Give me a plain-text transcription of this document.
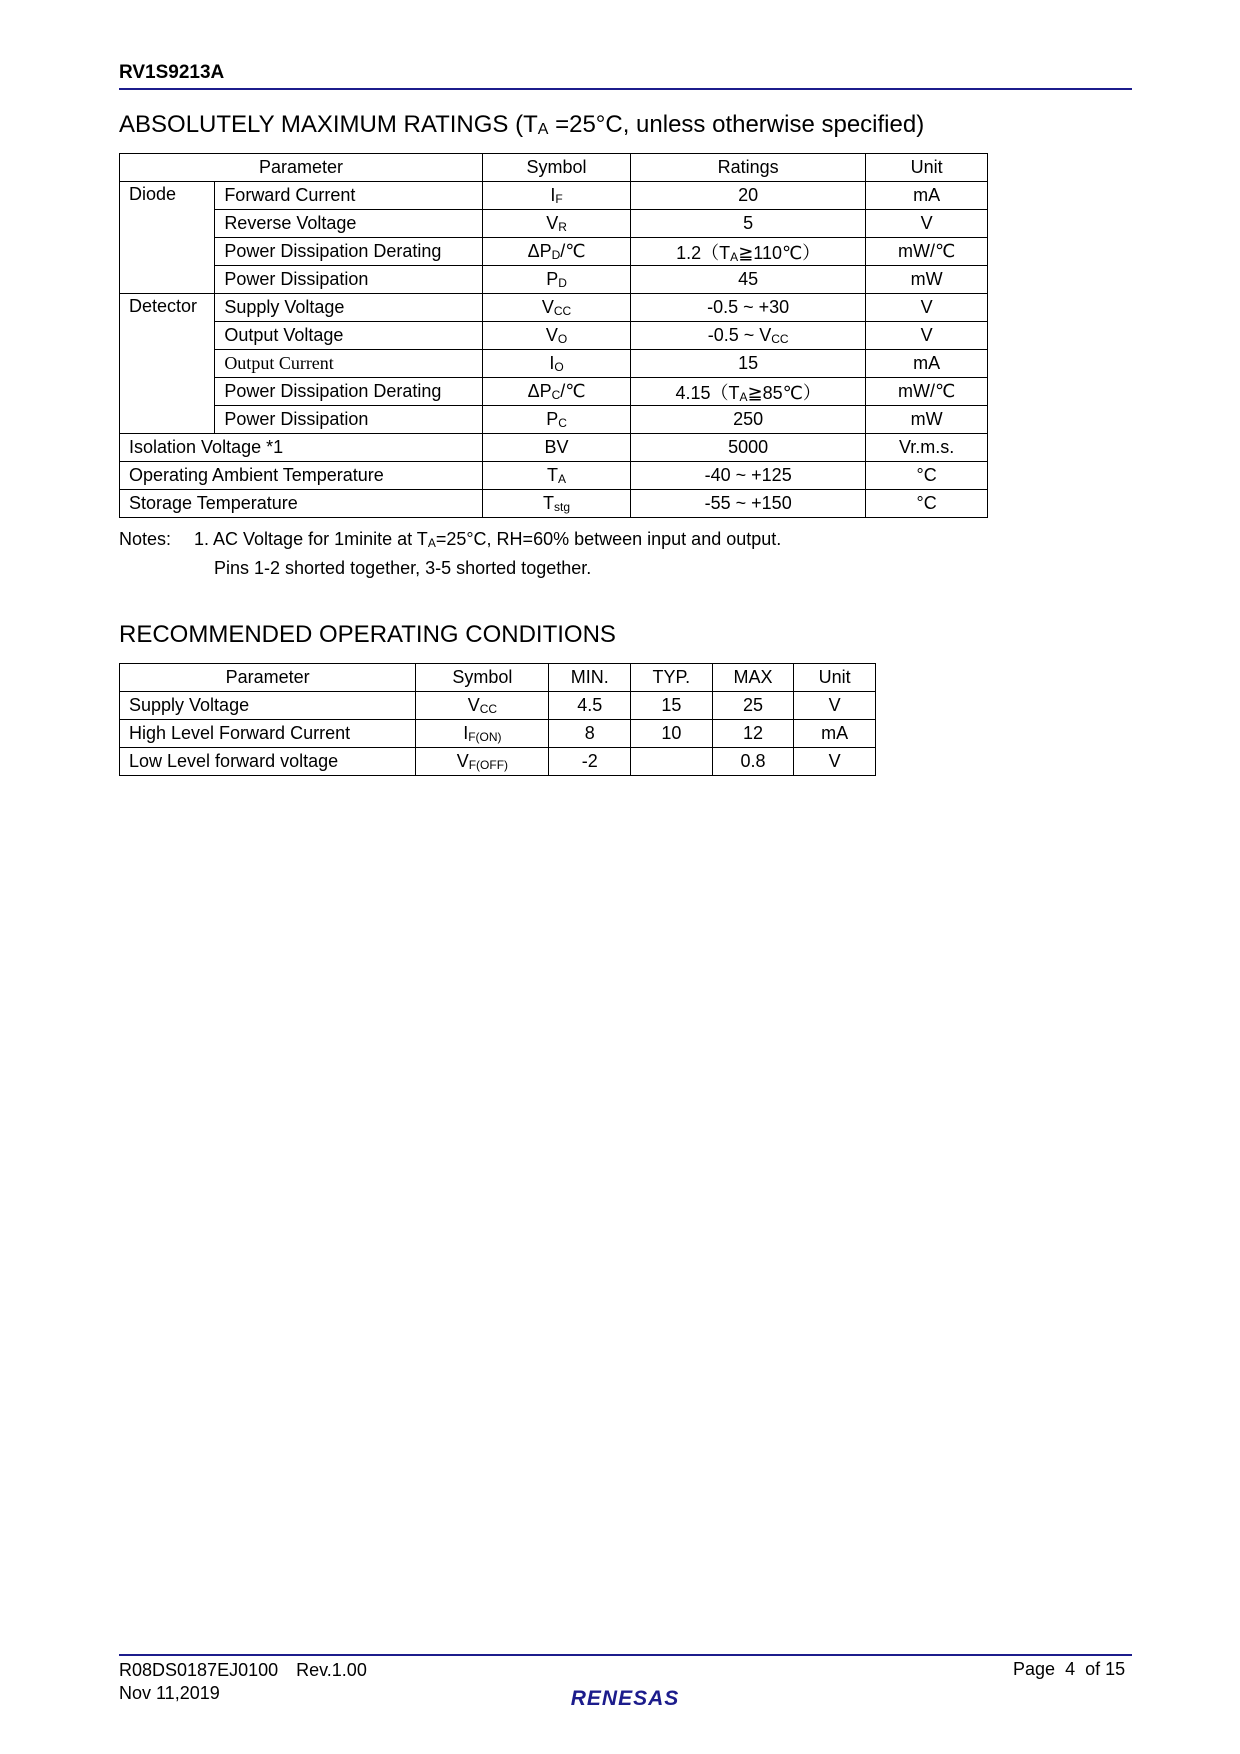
RV1S9213A
ABSOLUTELY MAXIMUM RATINGS ($T_A =25^\circ C$, unless otherwise specified)
Parameter		Symbol	Ratings	Unit
Diode	Forward Current	$I_F$	20	mA
	Reverse Voltage	$V_R$	5	V
	Power Dissipation Derating	$\Delta P_D/℃$	$1.2(T_A≧110℃)$	mW/℃
	Power Dissipation	$P_D$	45	mW
Detector	Supply Voltage	$V_{CC}$	-0.5 ~ +30	V
	Output Voltage	$V_O$	-0.5 ~ $V_{CC}$	V
	Output Current	$I_O$	15	mA
	Power Dissipation Derating	$\Delta P_C/℃$	$4.15(T_A≧85℃)$	mW/℃
	Power Dissipation	$P_C$	250	mW
Isolation Voltage *1		BV	5000	Vr.m.s.
Operating Ambient Temperature		$T_A$	-40 ~ +125	°C
Storage Temperature		$T_{stg}$	-55 ~ +150	°C
Notes:	1. AC Voltage for 1minite at $T_A=25^\circ C$, RH=60% between input and output.
Pins 1-2 shorted together, 3-5 shorted together.
RECOMMENDED OPERATING CONDITIONS
Parameter	Symbol	MIN.	TYP.	MAX	Unit
Supply Voltage	$V_{CC}$	4.5	15	25	V
High Level Forward Current	$I_{F(ON)}$	8	10	12	mA
Low Level forward voltage	$V_{F(OFF)}$	-2		0.8	V
R08DS0187EJ0100 Rev.1.00
Nov 11,2019
Page 4 of 15
RENESAS
